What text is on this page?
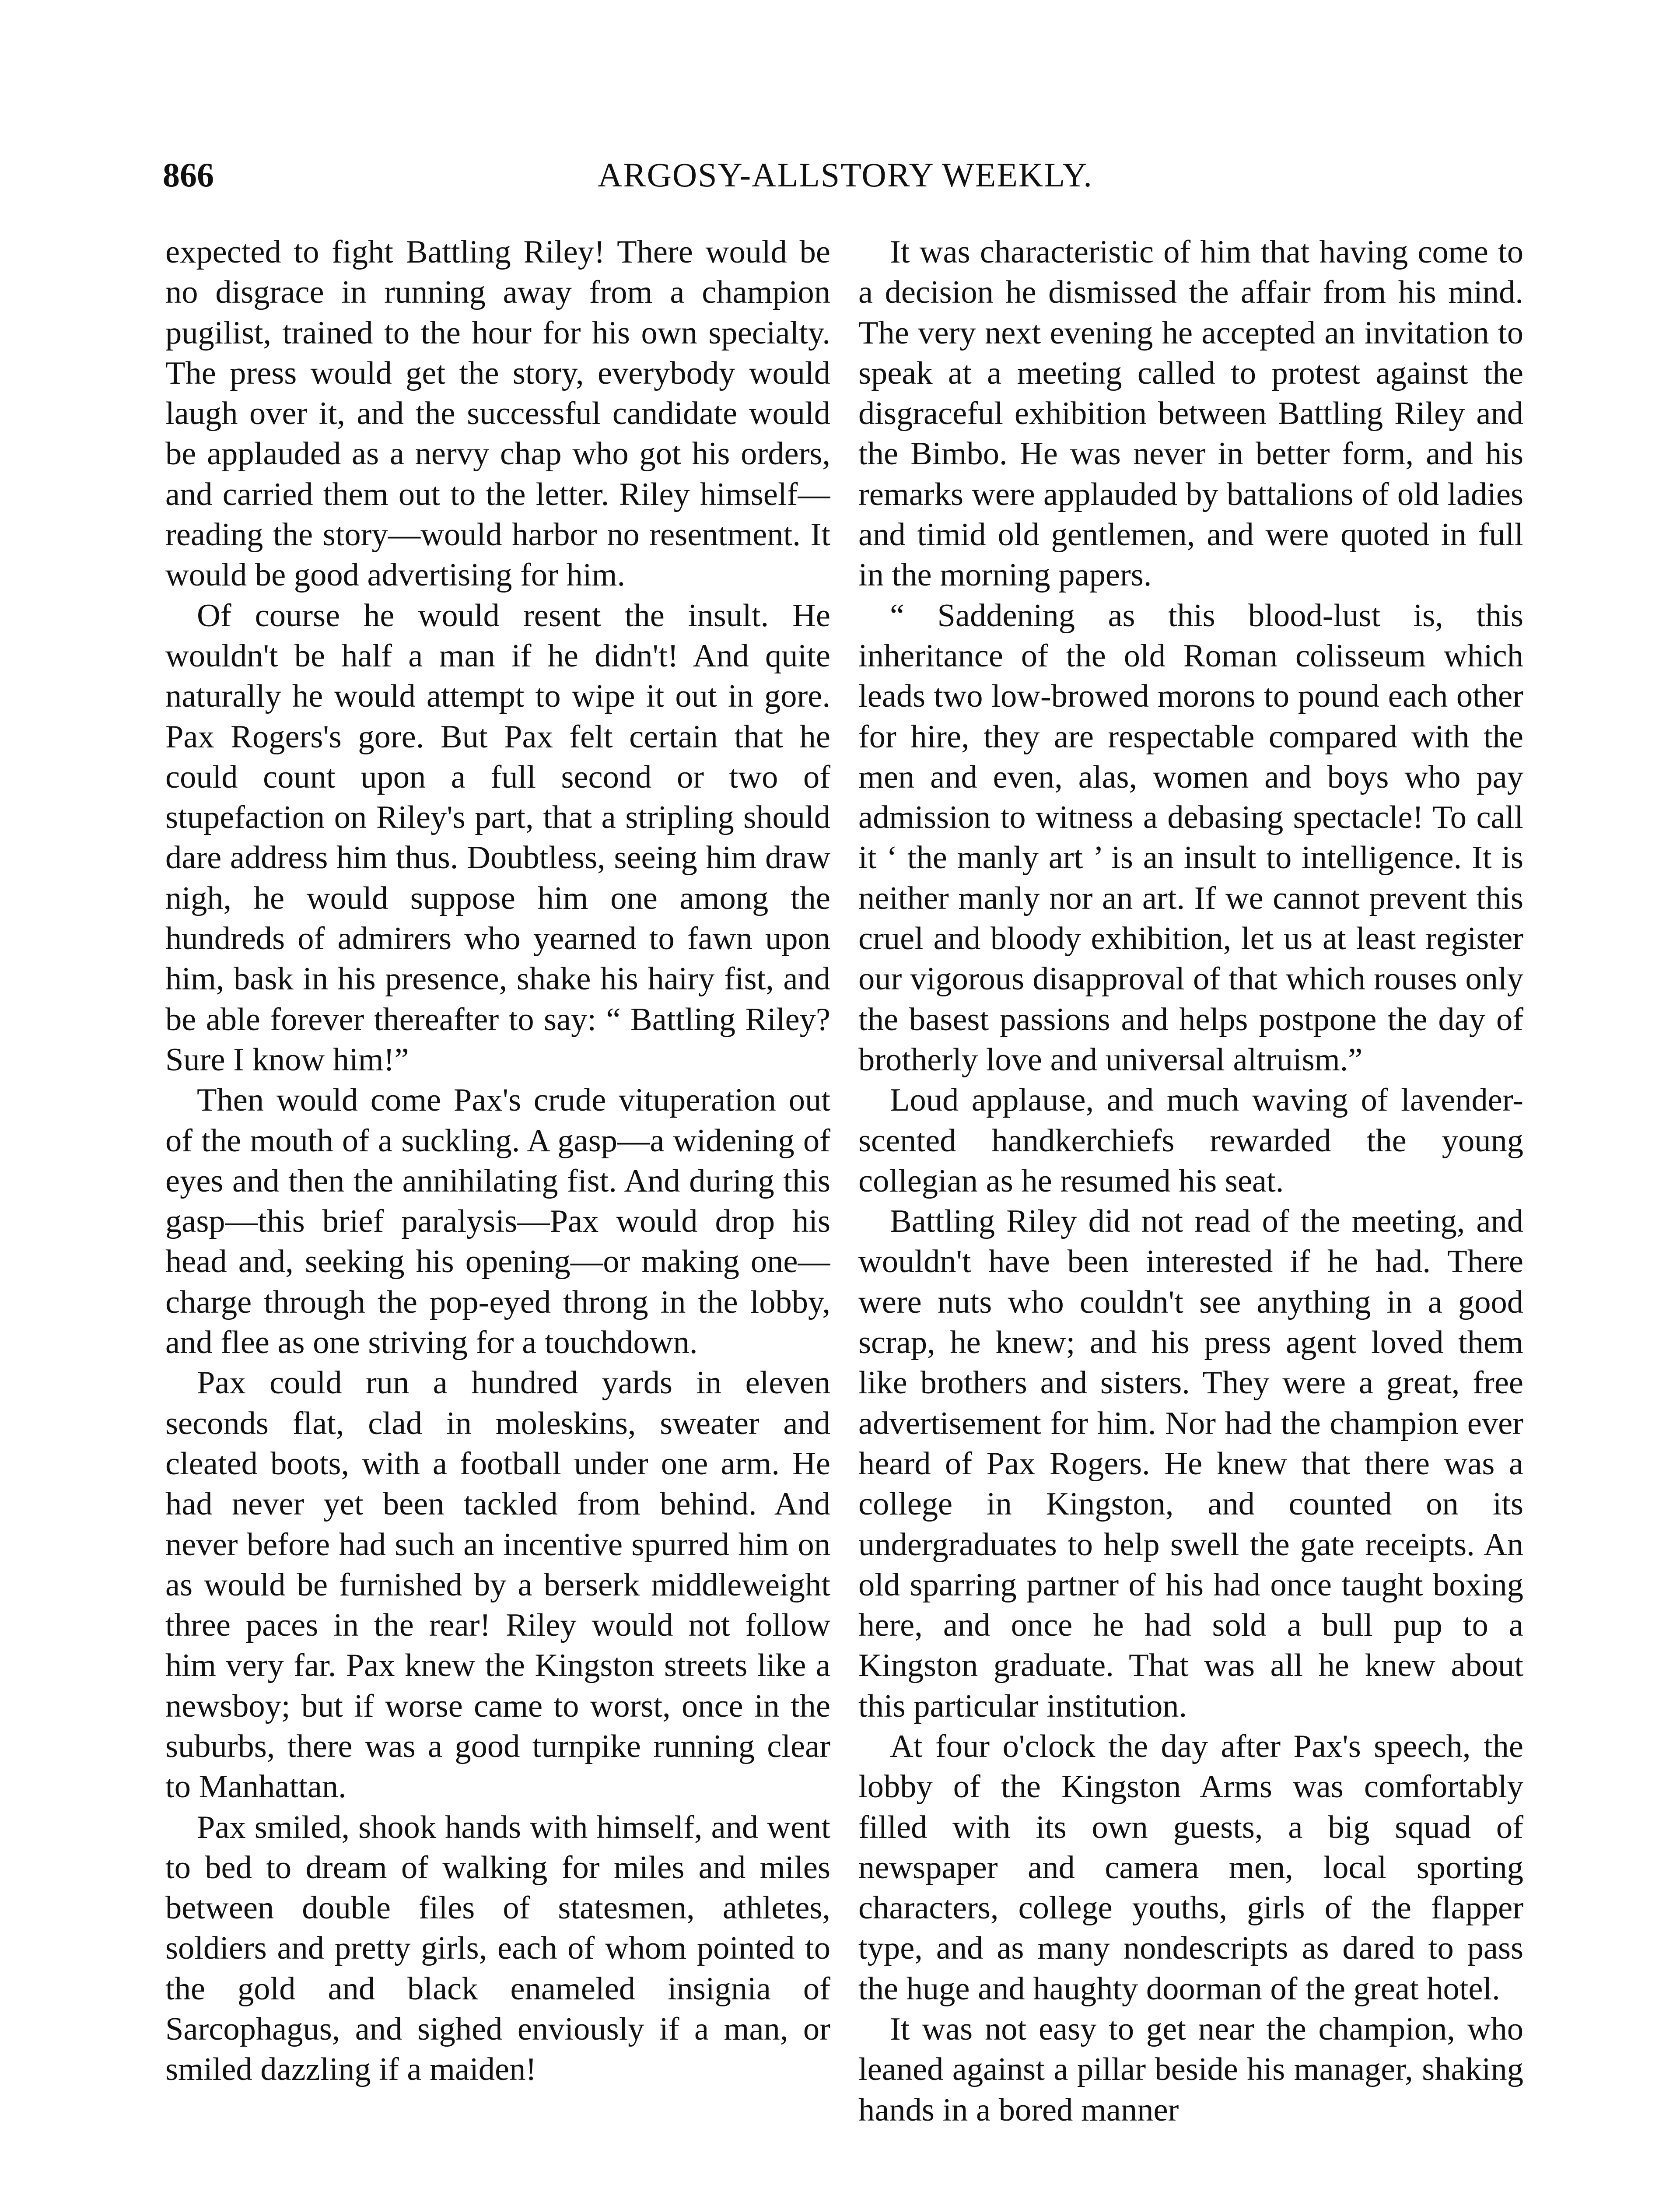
866	ARGOSY-ALLSTORY WEEKLY.

expected to fight Battling Riley! There would be no disgrace in running away from a champion pugilist, trained to the hour for his own specialty. The press would get the story, everybody would laugh over it, and the successful candidate would be applauded as a nervy chap who got his orders, and carried them out to the letter. Riley himself—reading the story—would harbor no resentment. It would be good advertising for him.

Of course he would resent the insult. He wouldn't be half a man if he didn't! And quite naturally he would attempt to wipe it out in gore. Pax Rogers's gore. But Pax felt certain that he could count upon a full second or two of stupefaction on Riley's part, that a stripling should dare address him thus. Doubtless, seeing him draw nigh, he would suppose him one among the hundreds of admirers who yearned to fawn upon him, bask in his presence, shake his hairy fist, and be able forever thereafter to say: “ Battling Riley? Sure I know him!”

Then would come Pax's crude vituperation out of the mouth of a suckling. A gasp—a widening of eyes and then the annihilating fist. And during this gasp—this brief paralysis—Pax would drop his head and, seeking his opening—or making one—charge through the pop-eyed throng in the lobby, and flee as one striving for a touchdown.

Pax could run a hundred yards in eleven seconds flat, clad in moleskins, sweater and cleated boots, with a football under one arm. He had never yet been tackled from behind. And never before had such an incentive spurred him on as would be furnished by a berserk middleweight three paces in the rear! Riley would not follow him very far. Pax knew the Kingston streets like a newsboy; but if worse came to worst, once in the suburbs, there was a good turnpike running clear to Manhattan.

Pax smiled, shook hands with himself, and went to bed to dream of walking for miles and miles between double files of statesmen, athletes, soldiers and pretty girls, each of whom pointed to the gold and black enameled insignia of Sarcophagus, and sighed enviously if a man, or smiled dazzling if a maiden!

It was characteristic of him that having come to a decision he dismissed the affair from his mind. The very next evening he accepted an invitation to speak at a meeting called to protest against the disgraceful exhibition between Battling Riley and the Bimbo. He was never in better form, and his remarks were applauded by battalions of old ladies and timid old gentlemen, and were quoted in full in the morning papers.

“ Saddening as this blood-lust is, this inheritance of the old Roman colisseum which leads two low-browed morons to pound each other for hire, they are respectable compared with the men and even, alas, women and boys who pay admission to witness a debasing spectacle! To call it ‘ the manly art ’ is an insult to intelligence. It is neither manly nor an art. If we cannot prevent this cruel and bloody exhibition, let us at least register our vigorous disapproval of that which rouses only the basest passions and helps postpone the day of brotherly love and universal altruism.”

Loud applause, and much waving of lavender-scented handkerchiefs rewarded the young collegian as he resumed his seat.

Battling Riley did not read of the meeting, and wouldn't have been interested if he had. There were nuts who couldn't see anything in a good scrap, he knew; and his press agent loved them like brothers and sisters. They were a great, free advertisement for him. Nor had the champion ever heard of Pax Rogers. He knew that there was a college in Kingston, and counted on its undergraduates to help swell the gate receipts. An old sparring partner of his had once taught boxing here, and once he had sold a bull pup to a Kingston graduate. That was all he knew about this particular institution.

At four o'clock the day after Pax's speech, the lobby of the Kingston Arms was comfortably filled with its own guests, a big squad of newspaper and camera men, local sporting characters, college youths, girls of the flapper type, and as many nondescripts as dared to pass the huge and haughty doorman of the great hotel.

It was not easy to get near the champion, who leaned against a pillar beside his manager, shaking hands in a bored manner
